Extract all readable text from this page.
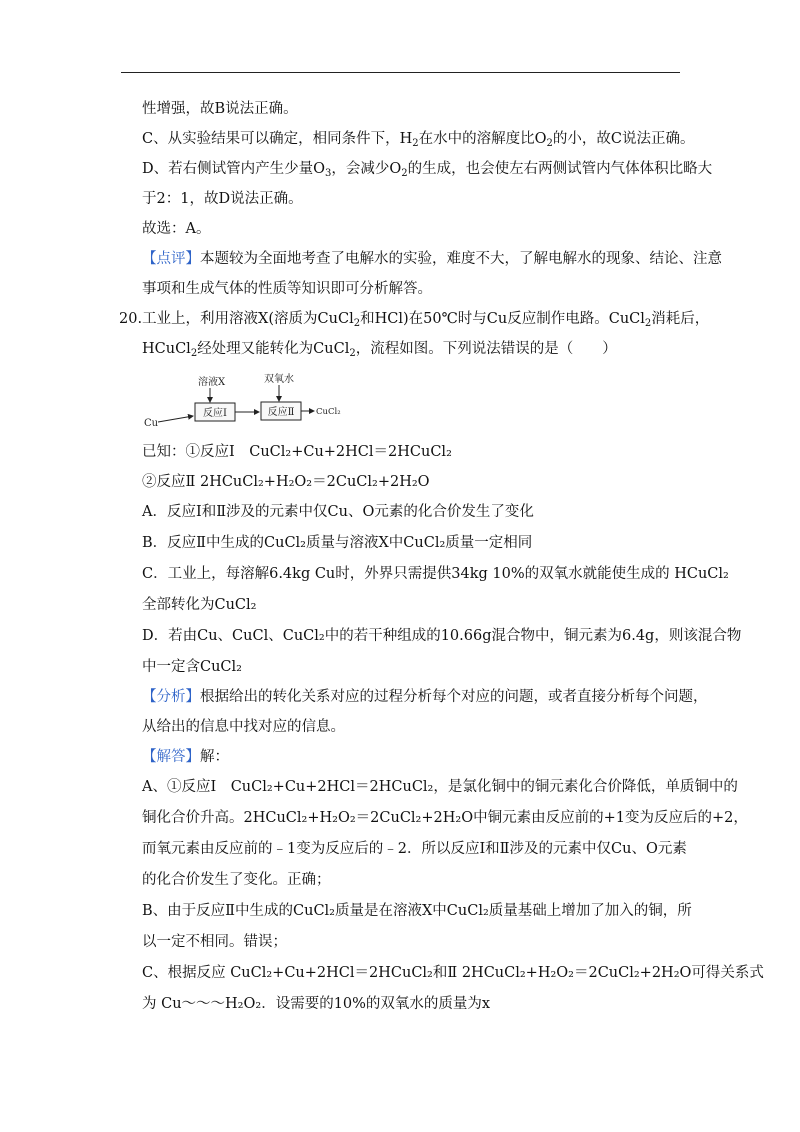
性增强，故B说法正确。
C、从实验结果可以确定，相同条件下，$H_2$在水中的溶解度比$O_2$的小，故C说法正确。
D、若右侧试管内产生少量$O_3$，会减少$O_2$的生成，也会使左右两侧试管内气体体积比略大
于2：1，故D说法正确。
故选：A。
【点评】本题较为全面地考查了电解水的实验，难度不大，了解电解水的现象、结论、注意
事项和生成气体的性质等知识即可分析解答。
20.工业上，利用溶液X(溶质为CuCl$_2$和HCl)在50℃时与Cu反应制作电路。CuCl$_2$消耗后，
HCuCl$_2$经处理又能转化为CuCl$_2$，流程如图。下列说法错误的是（　　）
溶液X	双氧水
Cu
反应Ⅰ	反应Ⅱ	CuCl₂
已知：①反应Ⅰ　CuCl₂+Cu+2HCl＝2HCuCl₂
②反应Ⅱ 2HCuCl₂+H₂O₂＝2CuCl₂+2H₂O
A．反应Ⅰ和Ⅱ涉及的元素中仅Cu、O元素的化合价发生了变化
B．反应Ⅱ中生成的CuCl₂质量与溶液X中CuCl₂质量一定相同
C．工业上，每溶解6.4kg Cu时，外界只需提供34kg 10%的双氧水就能使生成的 HCuCl₂
全部转化为CuCl₂
D．若由Cu、CuCl、CuCl₂中的若干种组成的10.66g混合物中，铜元素为6.4g，则该混合物
中一定含CuCl₂
【分析】根据给出的转化关系对应的过程分析每个对应的问题，或者直接分析每个问题，
从给出的信息中找对应的信息。
【解答】解：
A、①反应Ⅰ　CuCl₂+Cu+2HCl＝2HCuCl₂，是氯化铜中的铜元素化合价降低，单质铜中的
铜化合价升高。2HCuCl₂+H₂O₂＝2CuCl₂+2H₂O中铜元素由反应前的+1变为反应后的+2，
而氧元素由反应前的﹣1变为反应后的﹣2．所以反应Ⅰ和Ⅱ涉及的元素中仅Cu、O元素
的化合价发生了变化。正确；
B、由于反应Ⅱ中生成的CuCl₂质量是在溶液X中CuCl₂质量基础上增加了加入的铜，所
以一定不相同。错误；
C、根据反应 CuCl₂+Cu+2HCl＝2HCuCl₂和Ⅱ 2HCuCl₂+H₂O₂＝2CuCl₂+2H₂O可得关系式
为 Cu～～～H₂O₂．设需要的10%的双氧水的质量为x
